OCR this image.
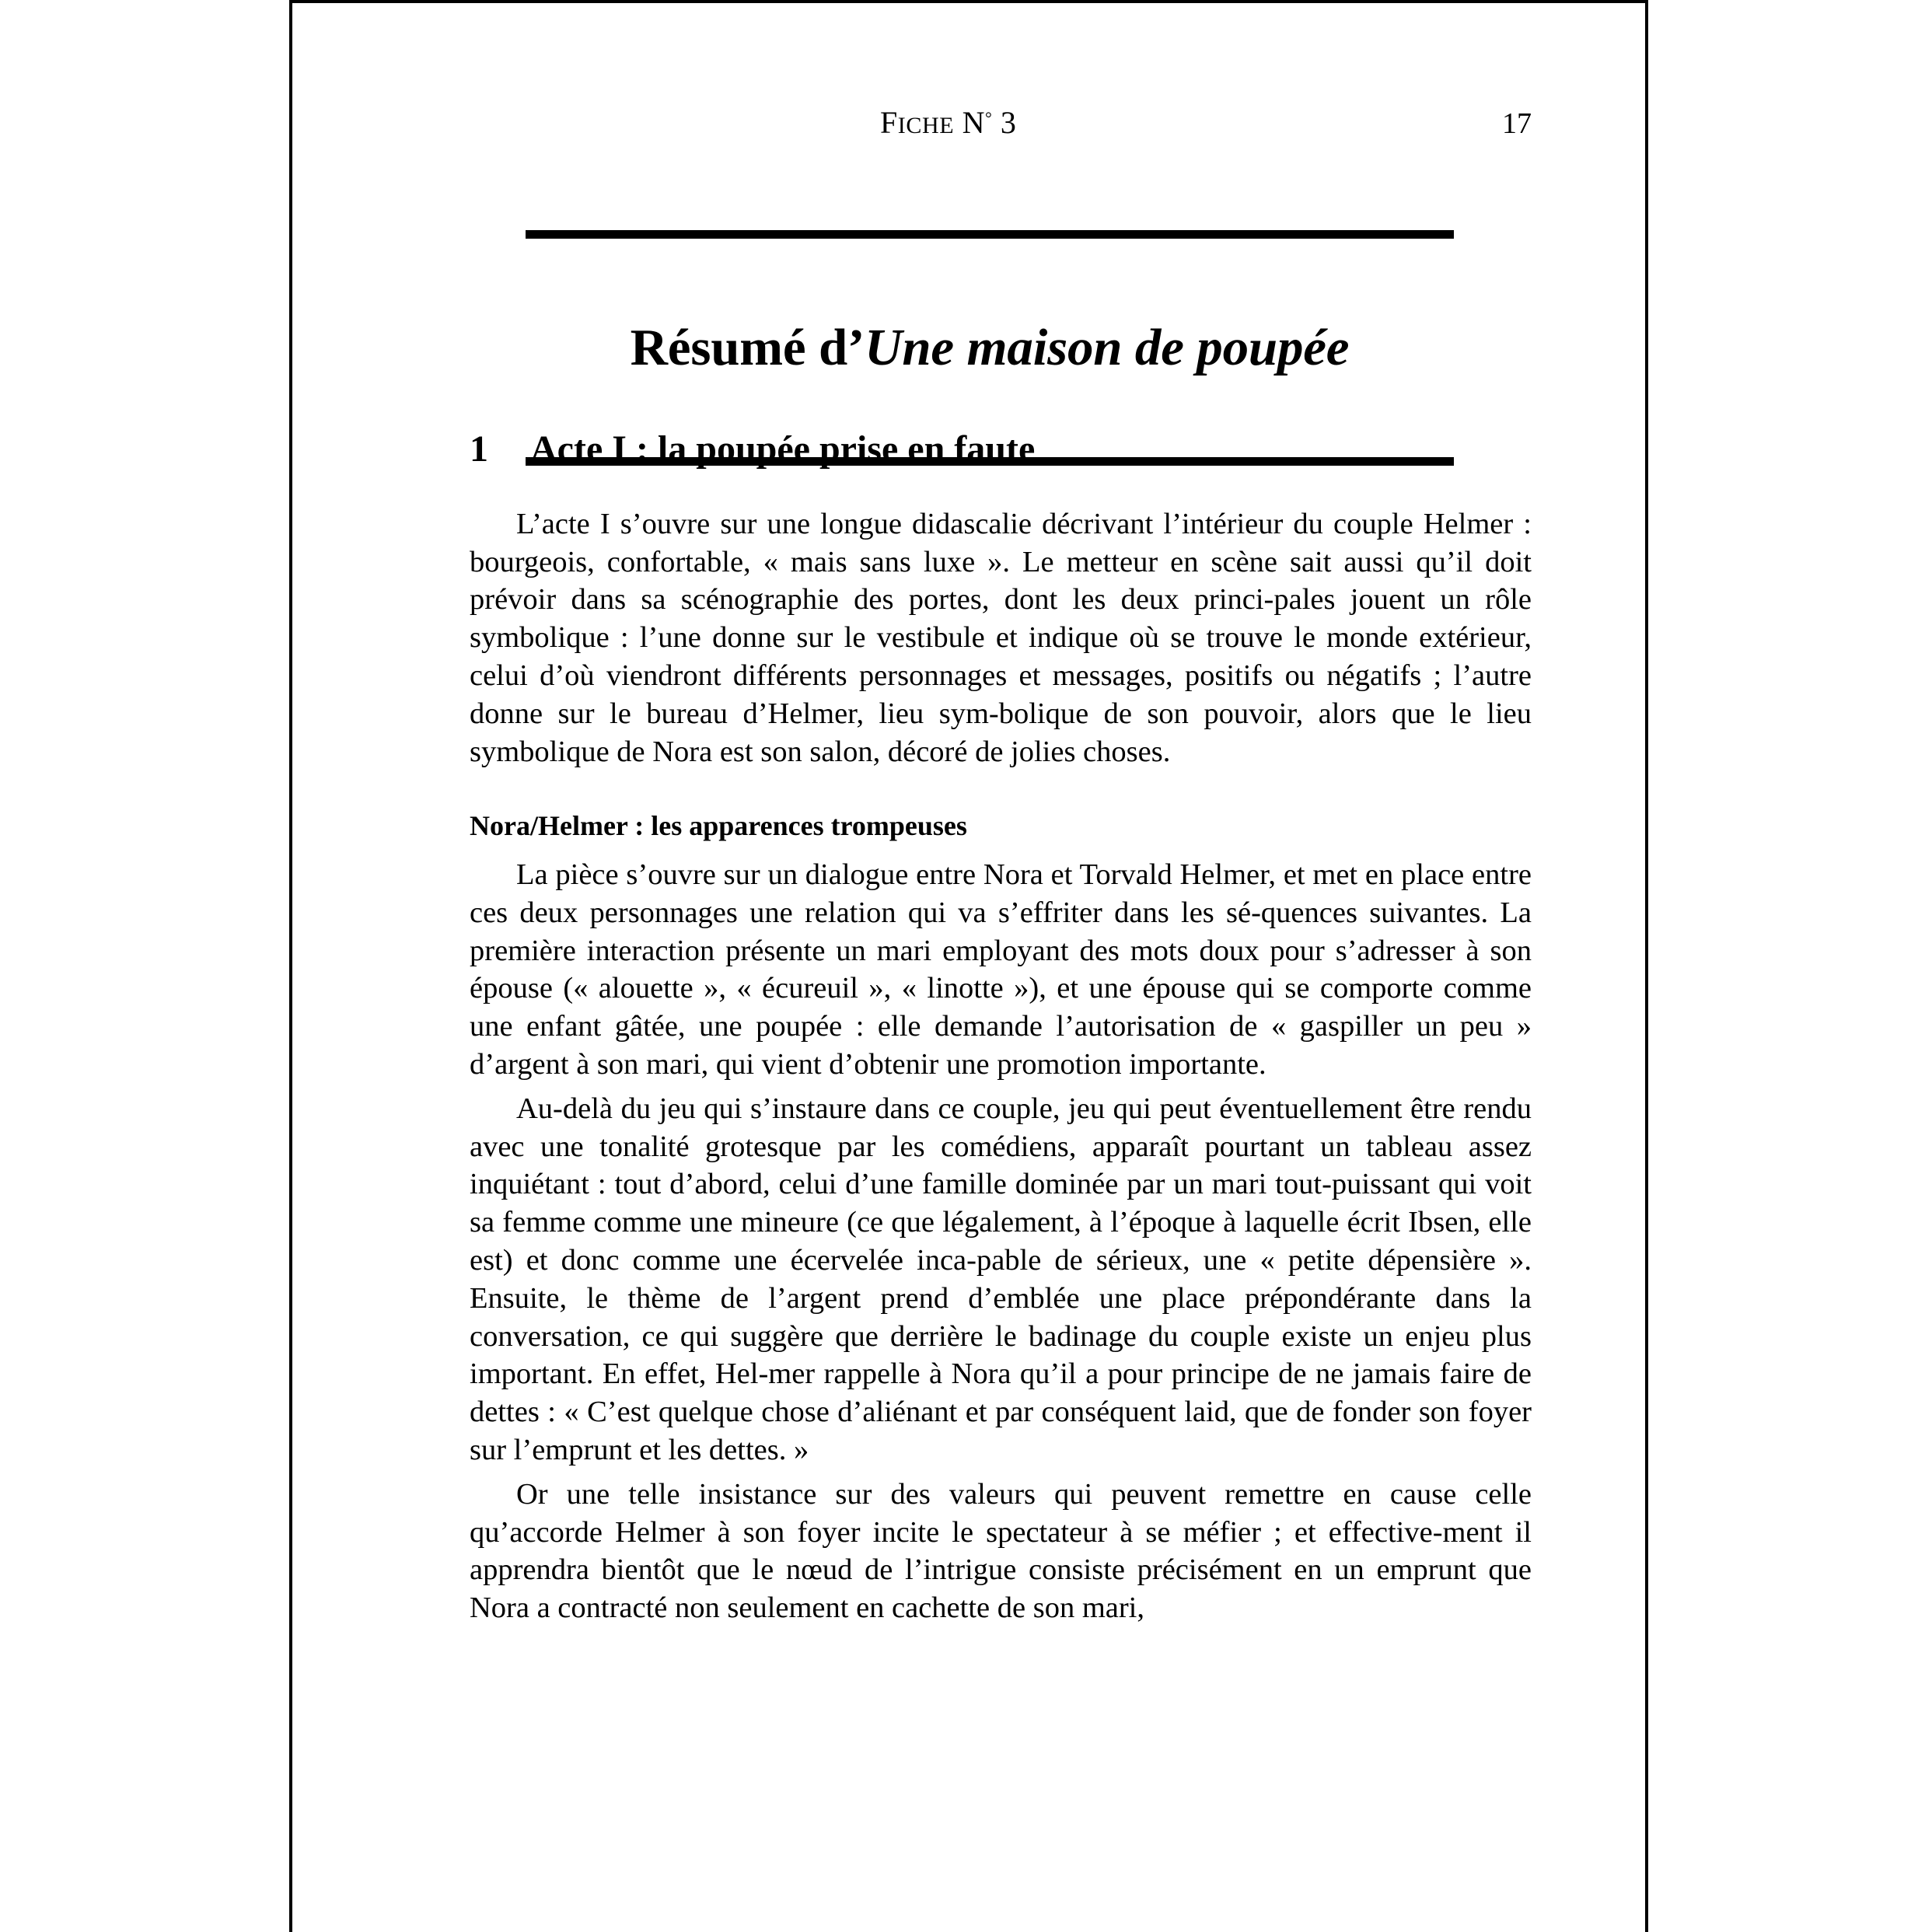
FICHE N° 3	17
Résumé d’Une maison de poupée
1	Acte I : la poupée prise en faute

L’acte I s’ouvre sur une longue didascalie décrivant l’intérieur du couple Helmer : bourgeois, confortable, « mais sans luxe ». Le metteur en scène sait aussi qu’il doit prévoir dans sa scénographie des portes, dont les deux princi-pales jouent un rôle symbolique : l’une donne sur le vestibule et indique où se trouve le monde extérieur, celui d’où viendront différents personnages et messages, positifs ou négatifs ; l’autre donne sur le bureau d’Helmer, lieu sym-bolique de son pouvoir, alors que le lieu symbolique de Nora est son salon, décoré de jolies choses.

Nora/Helmer : les apparences trompeuses

La pièce s’ouvre sur un dialogue entre Nora et Torvald Helmer, et met en place entre ces deux personnages une relation qui va s’effriter dans les sé-quences suivantes. La première interaction présente un mari employant des mots doux pour s’adresser à son épouse (« alouette », « écureuil », « linotte »), et une épouse qui se comporte comme une enfant gâtée, une poupée : elle demande l’autorisation de « gaspiller un peu » d’argent à son mari, qui vient d’obtenir une promotion importante.

Au-delà du jeu qui s’instaure dans ce couple, jeu qui peut éventuellement être rendu avec une tonalité grotesque par les comédiens, apparaît pourtant un tableau assez inquiétant : tout d’abord, celui d’une famille dominée par un mari tout-puissant qui voit sa femme comme une mineure (ce que légalement, à l’époque à laquelle écrit Ibsen, elle est) et donc comme une écervelée inca-pable de sérieux, une « petite dépensière ». Ensuite, le thème de l’argent prend d’emblée une place prépondérante dans la conversation, ce qui suggère que derrière le badinage du couple existe un enjeu plus important. En effet, Hel-mer rappelle à Nora qu’il a pour principe de ne jamais faire de dettes : « C’est quelque chose d’aliénant et par conséquent laid, que de fonder son foyer sur l’emprunt et les dettes. »

Or une telle insistance sur des valeurs qui peuvent remettre en cause celle qu’accorde Helmer à son foyer incite le spectateur à se méfier ; et effective-ment il apprendra bientôt que le nœud de l’intrigue consiste précisément en un emprunt que Nora a contracté non seulement en cachette de son mari,
